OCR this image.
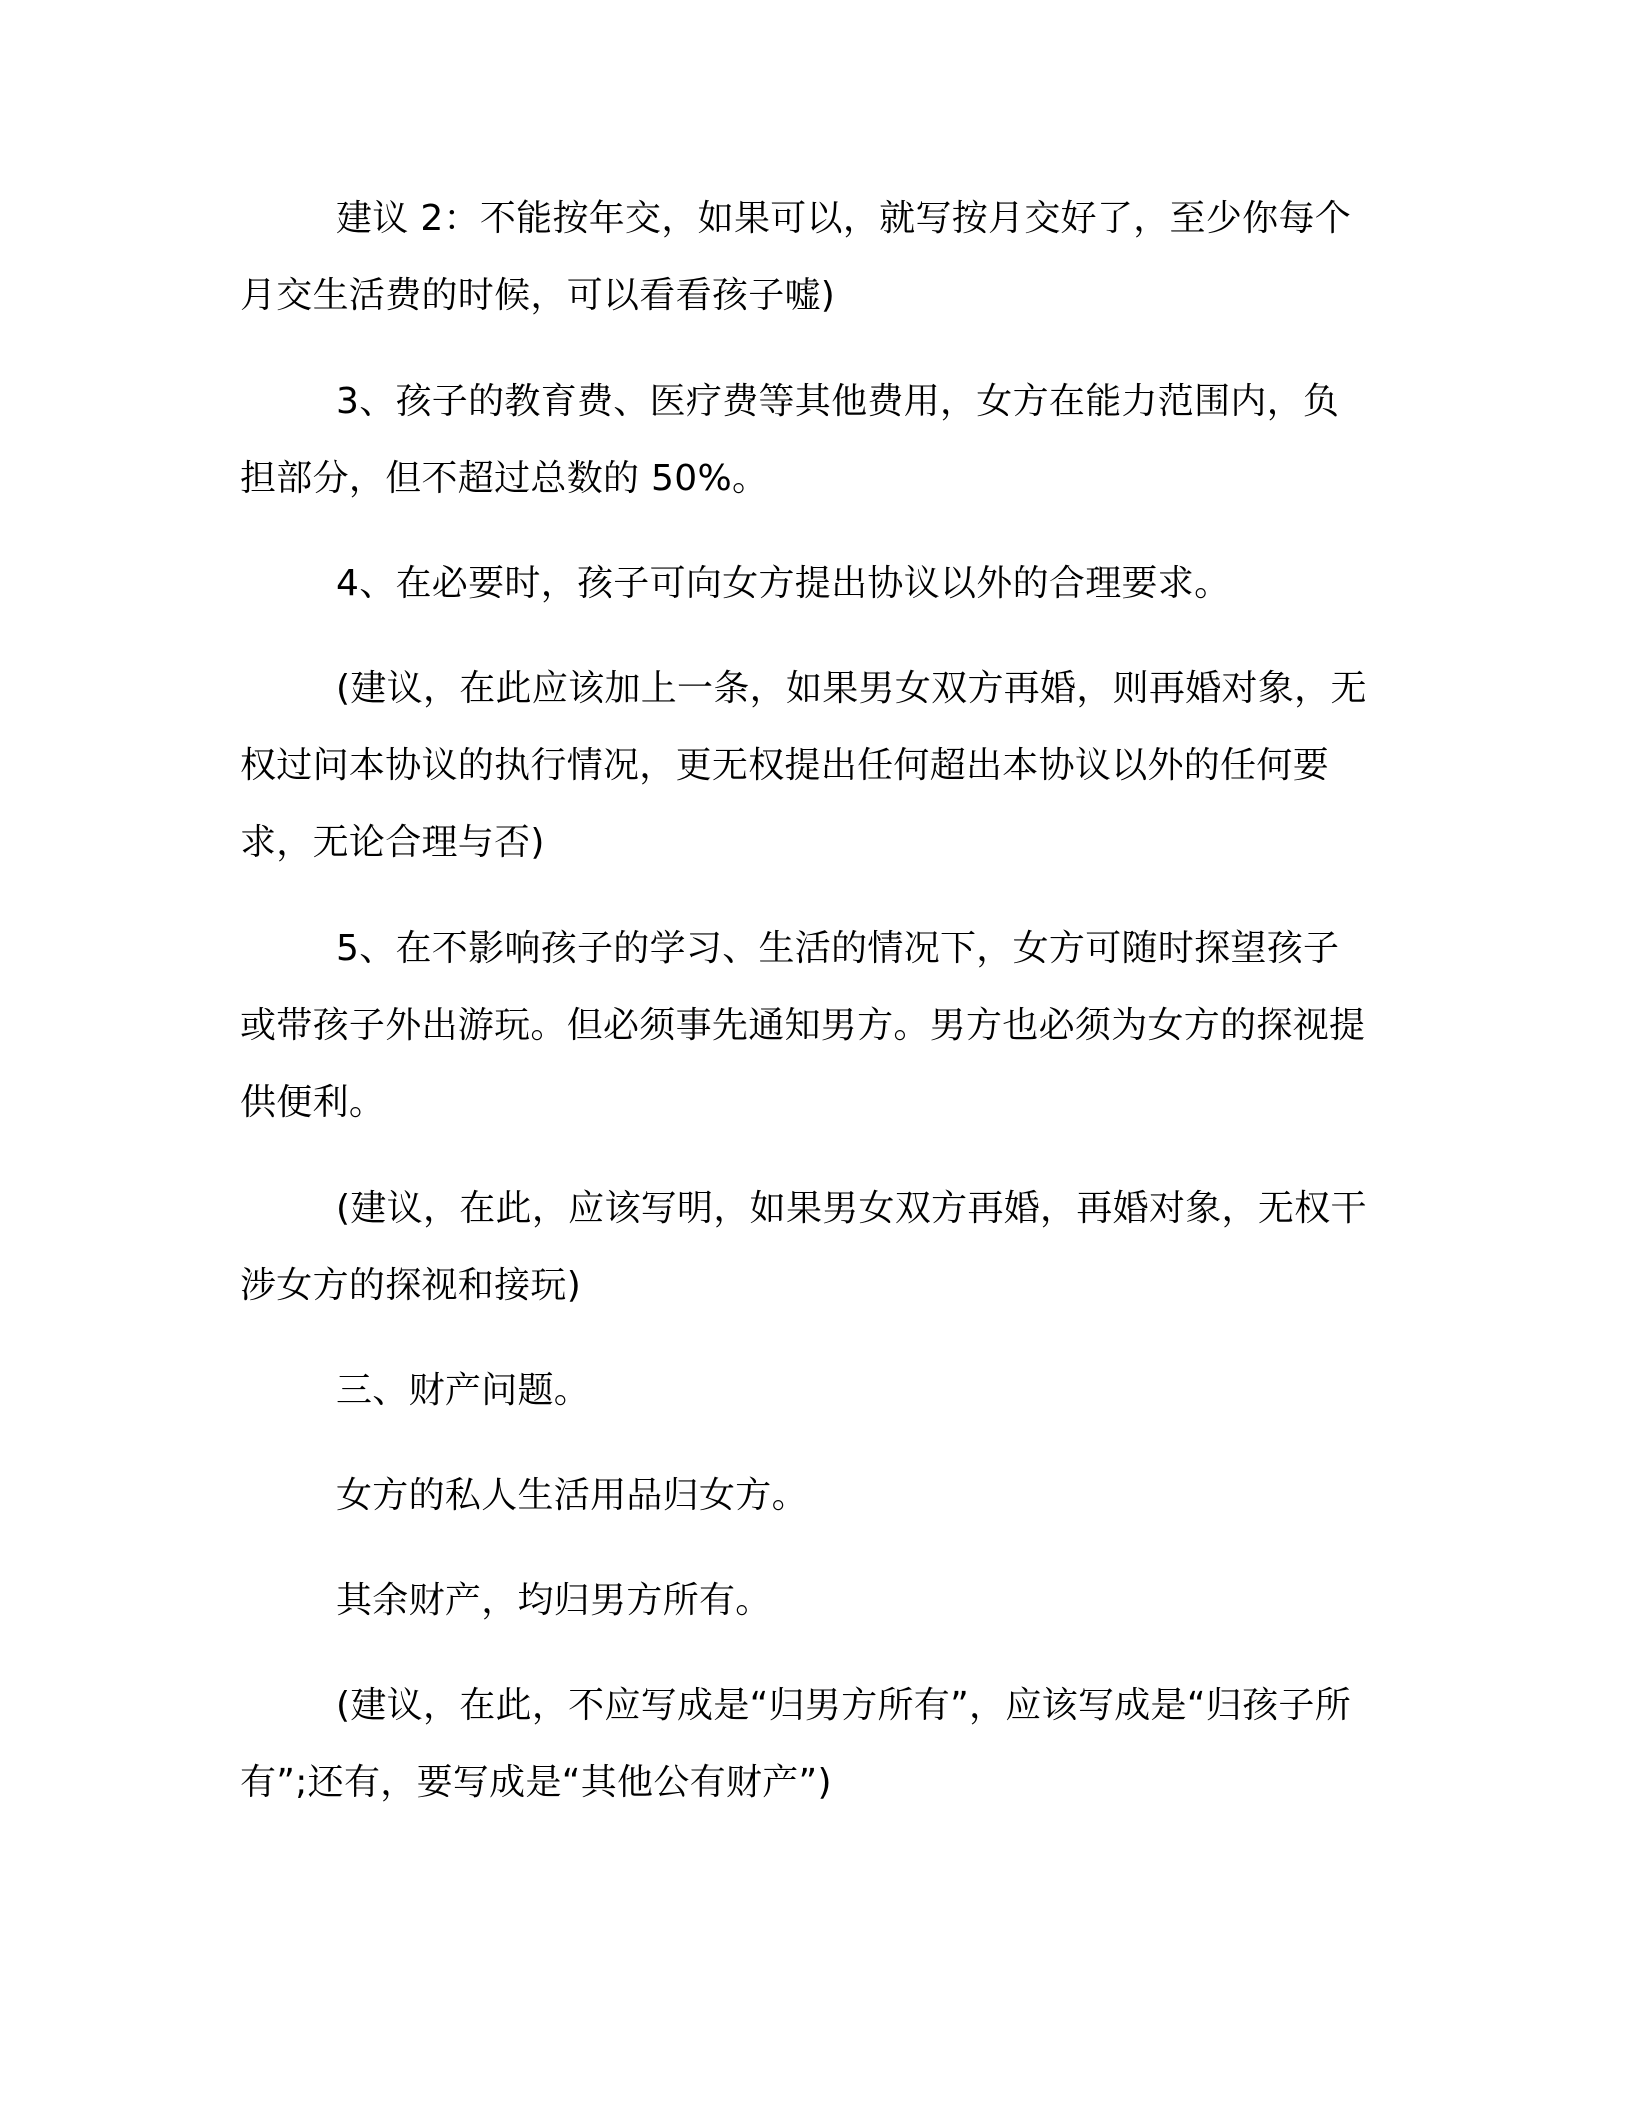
建议 2：不能按年交，如果可以，就写按月交好了，至少你每个月交生活费的时候，可以看看孩子嘘)

3、孩子的教育费、医疗费等其他费用，女方在能力范围内，负担部分，但不超过总数的 50%。

4、在必要时，孩子可向女方提出协议以外的合理要求。

(建议，在此应该加上一条，如果男女双方再婚，则再婚对象，无权过问本协议的执行情况，更无权提出任何超出本协议以外的任何要求，无论合理与否)

5、在不影响孩子的学习、生活的情况下，女方可随时探望孩子或带孩子外出游玩。但必须事先通知男方。男方也必须为女方的探视提供便利。

(建议，在此，应该写明，如果男女双方再婚，再婚对象，无权干涉女方的探视和接玩)

三、财产问题。

女方的私人生活用品归女方。

其余财产，均归男方所有。

(建议，在此，不应写成是“归男方所有”，应该写成是“归孩子所有”;还有，要写成是“其他公有财产”)
